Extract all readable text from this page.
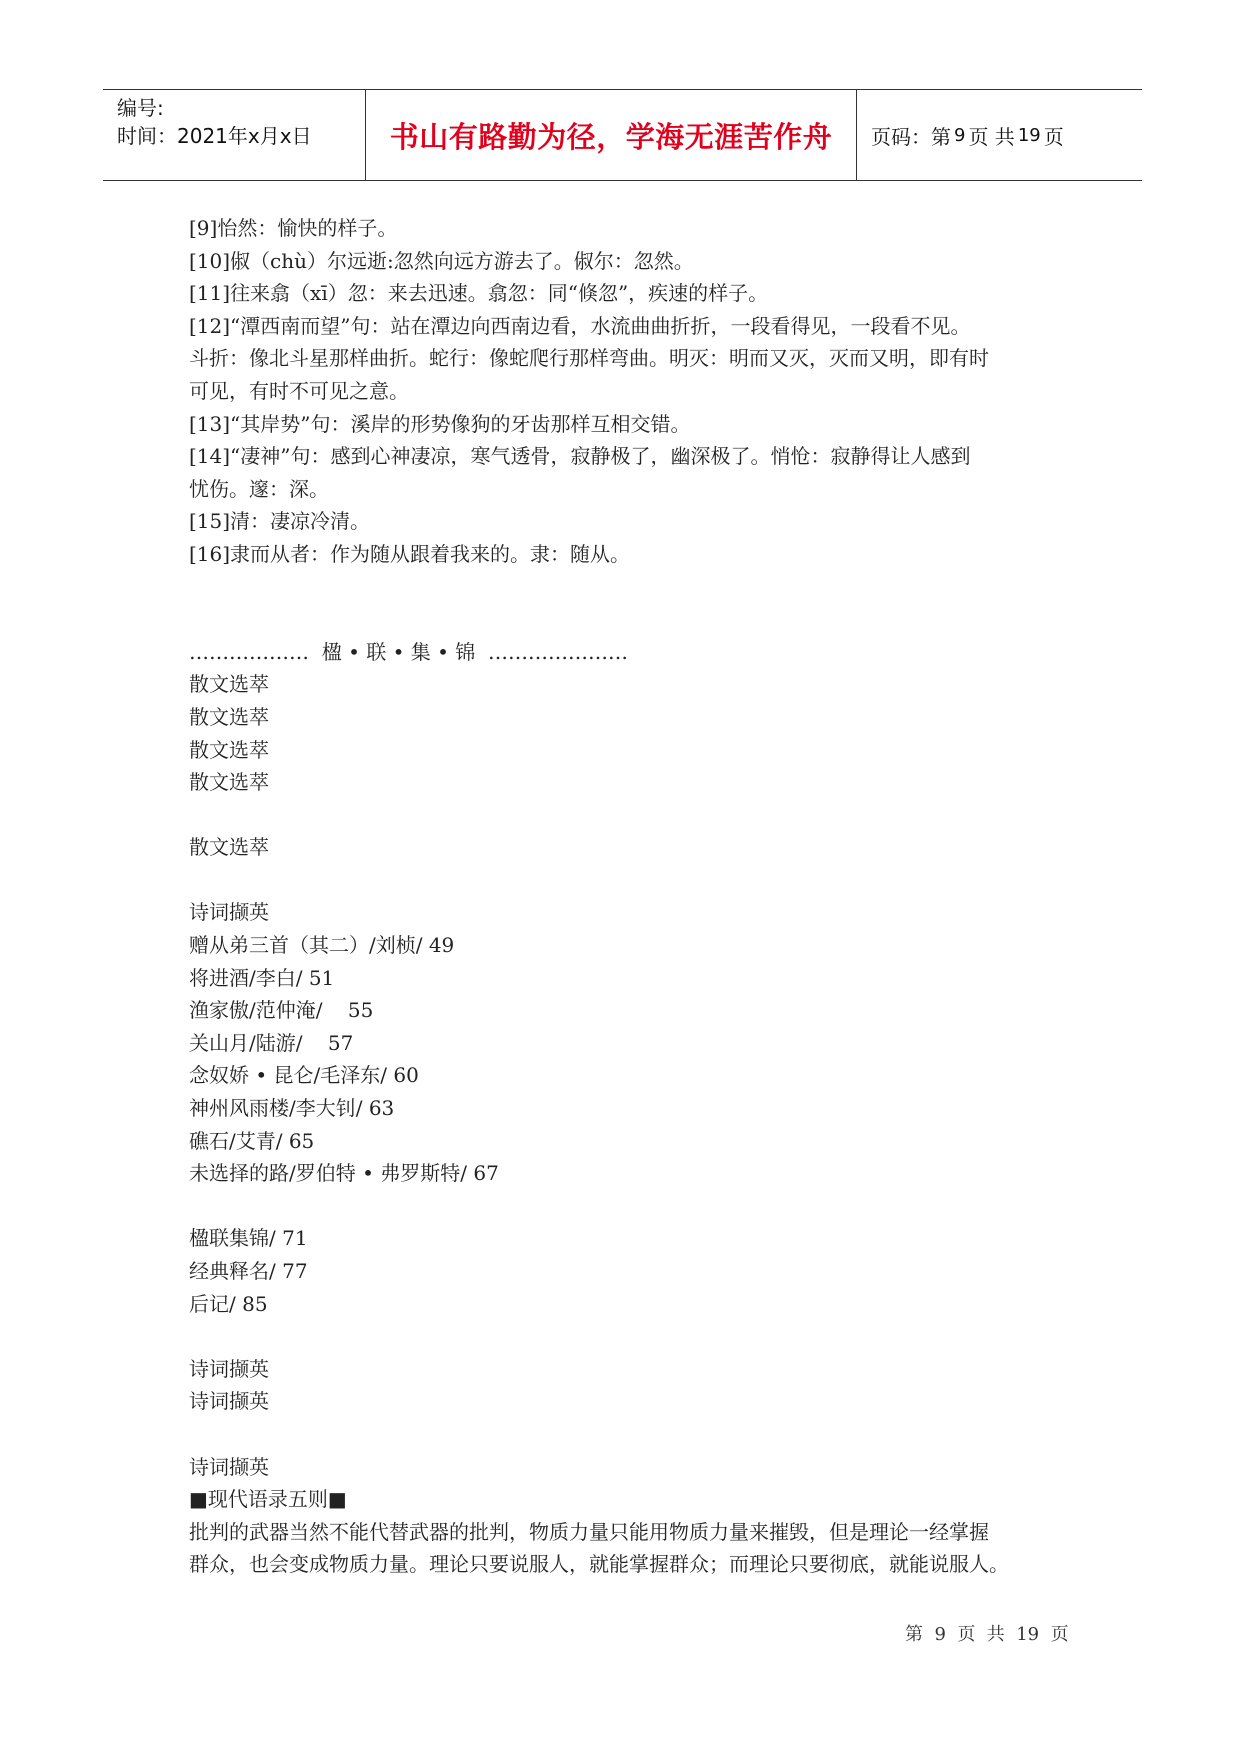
编号:
时间：2021年x月x日	书山有路勤为径，学海无涯苦作舟	页码：第 9 页 共 19 页

[9]怡然：愉快的样子。

[10]俶（chù）尔远逝:忽然向远方游去了。俶尔：忽然。

[11]往来翕（xī）忽：来去迅速。翕忽：同“倏忽”，疾速的样子。

[12]“潭西南而望”句：站在潭边向西南边看，水流曲曲折折，一段看得见，一段看不见。

斗折：像北斗星那样曲折。蛇行：像蛇爬行那样弯曲。明灭：明而又灭，灭而又明，即有时

可见，有时不可见之意。

[13]“其岸势”句：溪岸的形势像狗的牙齿那样互相交错。

[14]“凄神”句：感到心神凄凉，寒气透骨，寂静极了，幽深极了。悄怆：寂静得让人感到

忧伤。邃：深。

[15]清：凄凉冷清。

[16]隶而从者：作为随从跟着我来的。隶：随从。

………………  楹 • 联 • 集 • 锦  …………………

散文选萃

散文选萃

散文选萃

散文选萃

散文选萃

诗词撷英

赠从弟三首（其二）/刘桢/ 49

将进酒/李白/ 51

渔家傲/范仲淹/    55

关山月/陆游/    57

念奴娇 • 昆仑/毛泽东/ 60

神州风雨楼/李大钊/ 63

礁石/艾青/ 65

未选择的路/罗伯特 • 弗罗斯特/ 67

楹联集锦/ 71

经典释名/ 77

后记/ 85

诗词撷英

诗词撷英

诗词撷英

■现代语录五则■

批判的武器当然不能代替武器的批判，物质力量只能用物质力量来摧毁，但是理论一经掌握

群众，也会变成物质力量。理论只要说服人，就能掌握群众；而理论只要彻底，就能说服人。

第  9  页  共  19  页
